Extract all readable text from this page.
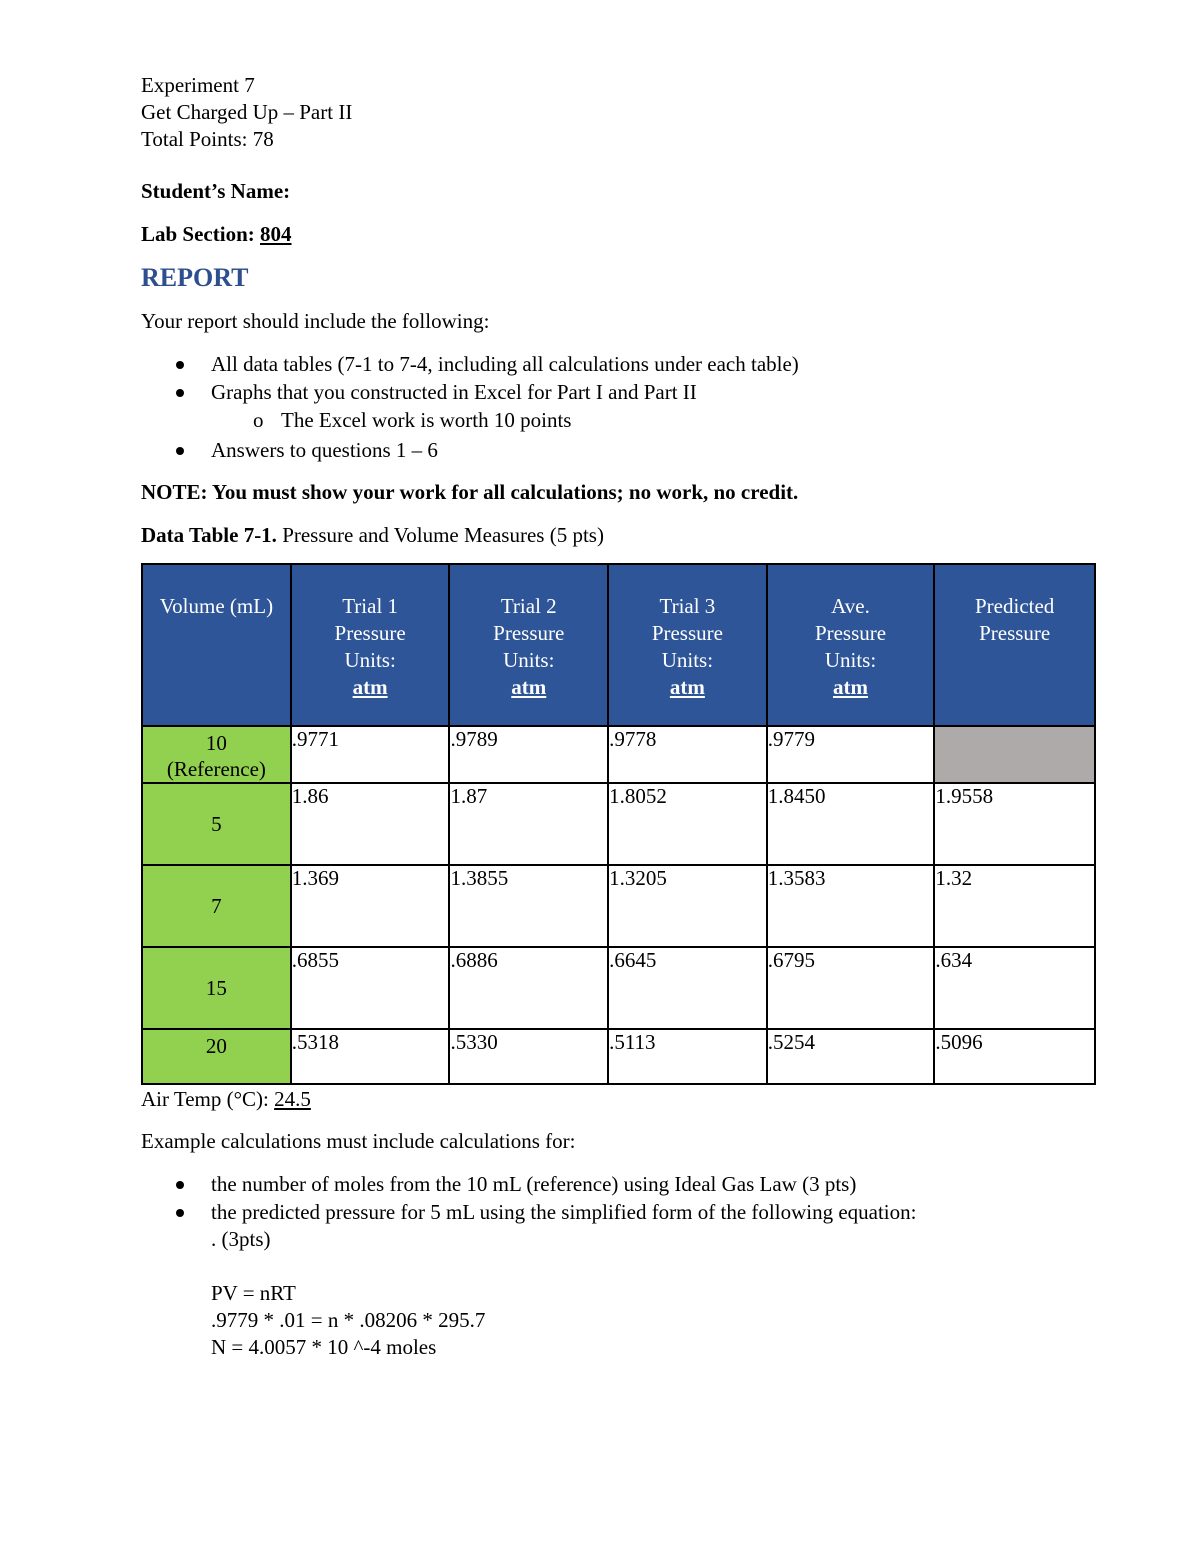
Experiment 7

Get Charged Up – Part II

Total Points: 78

Student’s Name:

Lab Section: 804

REPORT

Your report should include the following:

All data tables (7-1 to 7-4, including all calculations under each table)
Graphs that you constructed in Excel for Part I and Part II
o The Excel work is worth 10 points
Answers to questions 1 – 6

NOTE: You must show your work for all calculations; no work, no credit.

Data Table 7-1. Pressure and Volume Measures (5 pts)

Volume (mL)	Trial 1
Pressure
Units:
atm	Trial 2
Pressure
Units:
atm	Trial 3
Pressure
Units:
atm	Ave.
Pressure
Units:
atm	Predicted
Pressure
10
(Reference)	.9771	.9789	.9778	.9779	
5	1.86	1.87	1.8052	1.8450	1.9558
7	1.369	1.3855	1.3205	1.3583	1.32
15	.6855	.6886	.6645	.6795	.634
20	.5318	.5330	.5113	.5254	.5096

Air Temp (°C): 24.5

Example calculations must include calculations for:

the number of moles from the 10 mL (reference) using Ideal Gas Law (3 pts)
the predicted pressure for 5 mL using the simplified form of the following equation:

. (3pts)

PV = nRT

.9779 * .01 = n * .08206 * 295.7

N = 4.0057 * 10 ^-4 moles
